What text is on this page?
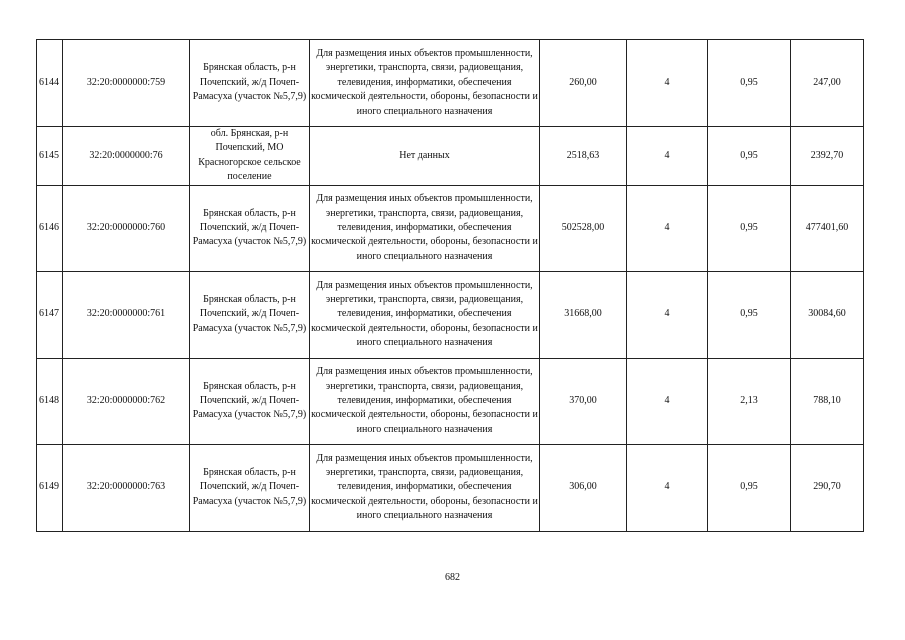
6144	32:20:0000000:759	Брянская область, р-н Почепский, ж/д Почеп-Рамасуха (участок №5,7,9)	Для размещения иных объектов промышленности, энергетики, транспорта, связи, радиовещания, телевидения, информатики, обеспечения космической деятельности, обороны, безопасности и иного специального назначения	260,00	4	0,95	247,00
6145	32:20:0000000:76	обл. Брянская, р-н Почепский, МО Красногорское сельское поселение	Нет данных	2518,63	4	0,95	2392,70
6146	32:20:0000000:760	Брянская область, р-н Почепский, ж/д Почеп-Рамасуха (участок №5,7,9)	Для размещения иных объектов промышленности, энергетики, транспорта, связи, радиовещания, телевидения, информатики, обеспечения космической деятельности, обороны, безопасности и иного специального назначения	502528,00	4	0,95	477401,60
6147	32:20:0000000:761	Брянская область, р-н Почепский, ж/д Почеп-Рамасуха (участок №5,7,9)	Для размещения иных объектов промышленности, энергетики, транспорта, связи, радиовещания, телевидения, информатики, обеспечения космической деятельности, обороны, безопасности и иного специального назначения	31668,00	4	0,95	30084,60
6148	32:20:0000000:762	Брянская область, р-н Почепский, ж/д Почеп-Рамасуха (участок №5,7,9)	Для размещения иных объектов промышленности, энергетики, транспорта, связи, радиовещания, телевидения, информатики, обеспечения космической деятельности, обороны, безопасности и иного специального назначения	370,00	4	2,13	788,10
6149	32:20:0000000:763	Брянская область, р-н Почепский, ж/д Почеп-Рамасуха (участок №5,7,9)	Для размещения иных объектов промышленности, энергетики, транспорта, связи, радиовещания, телевидения, информатики, обеспечения космической деятельности, обороны, безопасности и иного специального назначения	306,00	4	0,95	290,70
682
